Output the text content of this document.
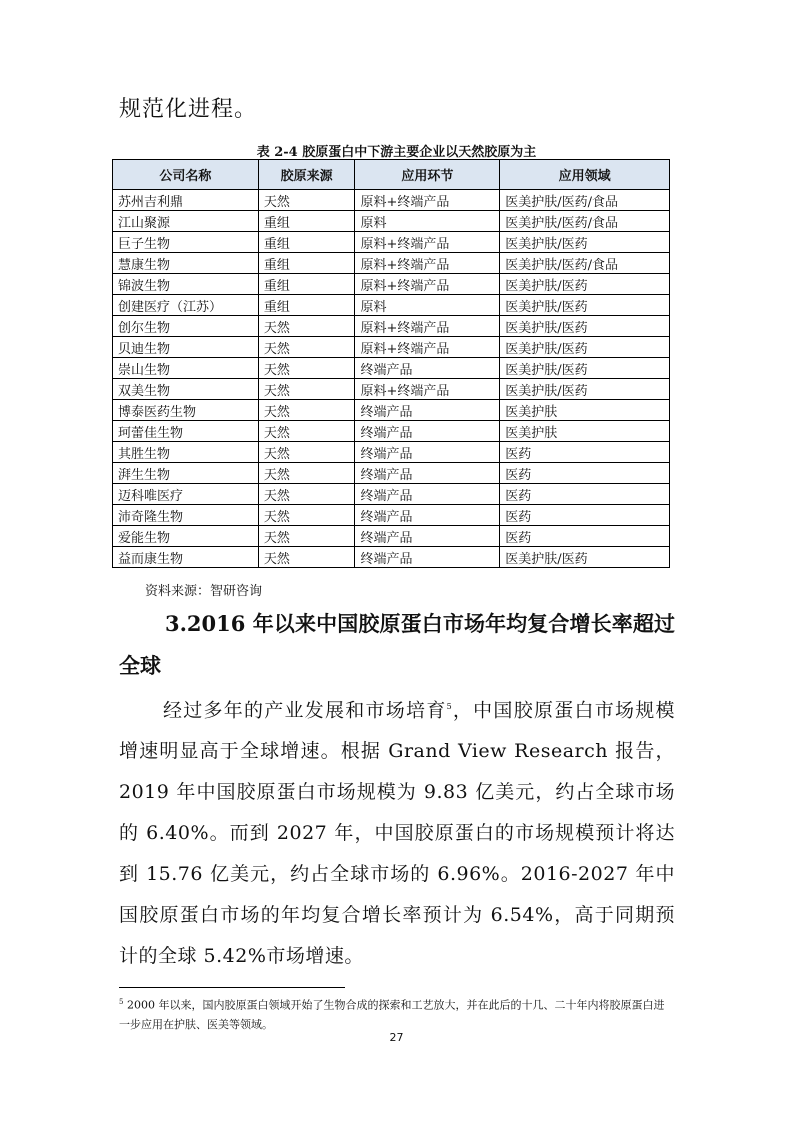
规范化进程。
表 2-4 胶原蛋白中下游主要企业以天然胶原为主
公司名称	胶原来源	应用环节	应用领域
苏州吉利鼎	天然	原料+终端产品	医美护肤/医药/食品
江山聚源	重组	原料	医美护肤/医药/食品
巨子生物	重组	原料+终端产品	医美护肤/医药
慧康生物	重组	原料+终端产品	医美护肤/医药/食品
锦波生物	重组	原料+终端产品	医美护肤/医药
创建医疗（江苏）	重组	原料	医美护肤/医药
创尔生物	天然	原料+终端产品	医美护肤/医药
贝迪生物	天然	原料+终端产品	医美护肤/医药
崇山生物	天然	终端产品	医美护肤/医药
双美生物	天然	原料+终端产品	医美护肤/医药
博泰医药生物	天然	终端产品	医美护肤
珂蕾佳生物	天然	终端产品	医美护肤
其胜生物	天然	终端产品	医药
湃生生物	天然	终端产品	医药
迈科唯医疗	天然	终端产品	医药
沛奇隆生物	天然	终端产品	医药
爱能生物	天然	终端产品	医药
益而康生物	天然	终端产品	医美护肤/医药
资料来源：智研咨询
3.2016 年以来中国胶原蛋白市场年均复合增长率超过全球
经过多年的产业发展和市场培育$^5$，中国胶原蛋白市场规模增速明显高于全球增速。根据 Grand View Research 报告，2019 年中国胶原蛋白市场规模为 9.83 亿美元，约占全球市场的 6.40%。而到 2027 年，中国胶原蛋白的市场规模预计将达到 15.76 亿美元，约占全球市场的 6.96%。2016-2027 年中国胶原蛋白市场的年均复合增长率预计为 6.54%，高于同期预计的全球 5.42%市场增速。
$^5$ 2000 年以来，国内胶原蛋白领域开始了生物合成的探索和工艺放大，并在此后的十几、二十年内将胶原蛋白进一步应用在护肤、医美等领域。
27
